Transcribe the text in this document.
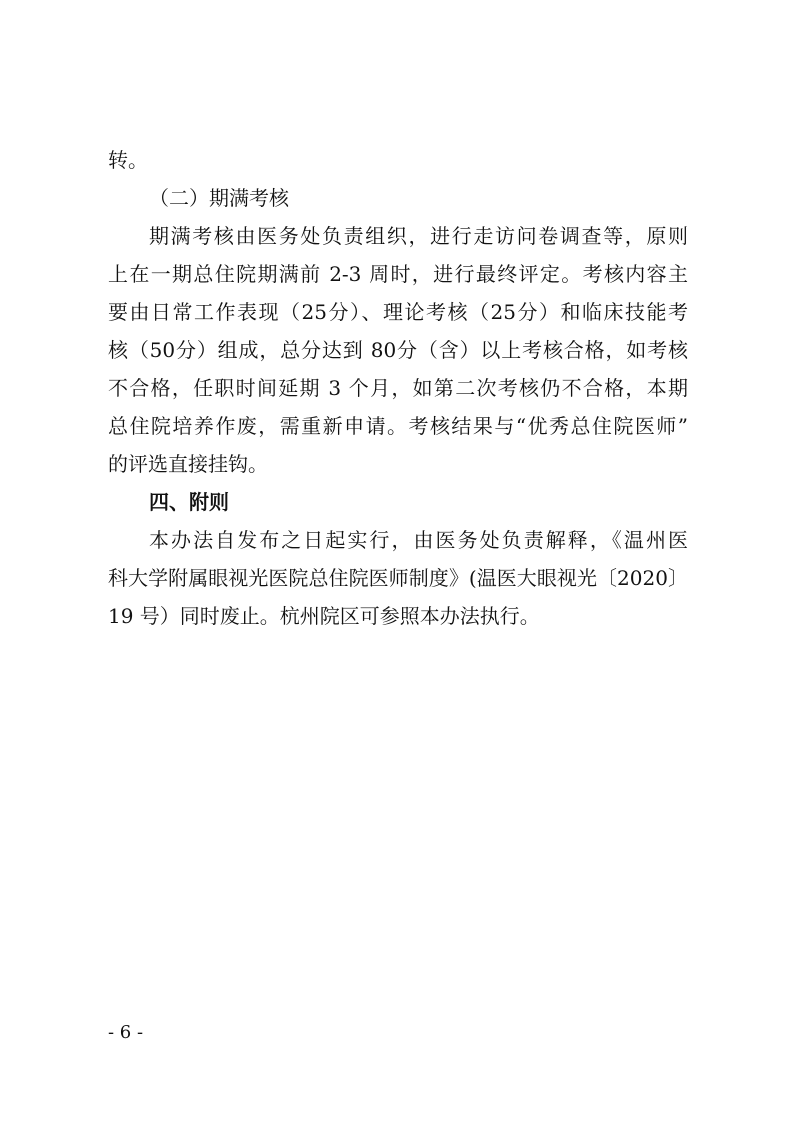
转。
（二）期满考核
期满考核由医务处负责组织，进行走访问卷调查等，原则
上在一期总住院期满前 2-3 周时，进行最终评定。考核内容主
要由日常工作表现（25分）、理论考核（25分）和临床技能考
核（50分）组成，总分达到 80分（含）以上考核合格，如考核
不合格，任职时间延期 3 个月，如第二次考核仍不合格，本期
总住院培养作废，需重新申请。考核结果与“优秀总住院医师”
的评选直接挂钩。
四、附则
本办法自发布之日起实行，由医务处负责解释，《温州医
科大学附属眼视光医院总住院医师制度》(温医大眼视光〔2020〕
19 号）同时废止。杭州院区可参照本办法执行。
- 6 -
